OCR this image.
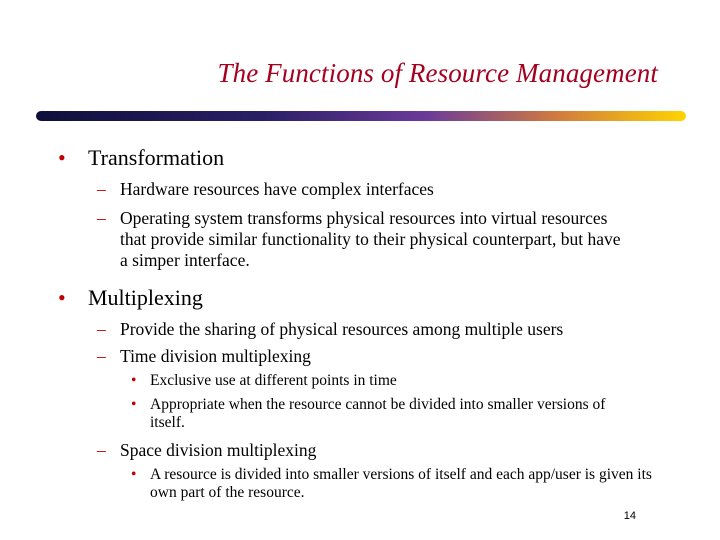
The Functions of Resource Management
• Transformation
– Hardware resources have complex interfaces
– Operating system transforms physical resources into virtual resources that provide similar functionality to their physical counterpart, but have a simper interface.
• Multiplexing
– Provide the sharing of physical resources among multiple users
– Time division multiplexing
• Exclusive use at different points in time
• Appropriate when the resource cannot be divided into smaller versions of itself.
– Space division multiplexing
• A resource is divided into smaller versions of itself and each app/user is given its own part of the resource.
14
